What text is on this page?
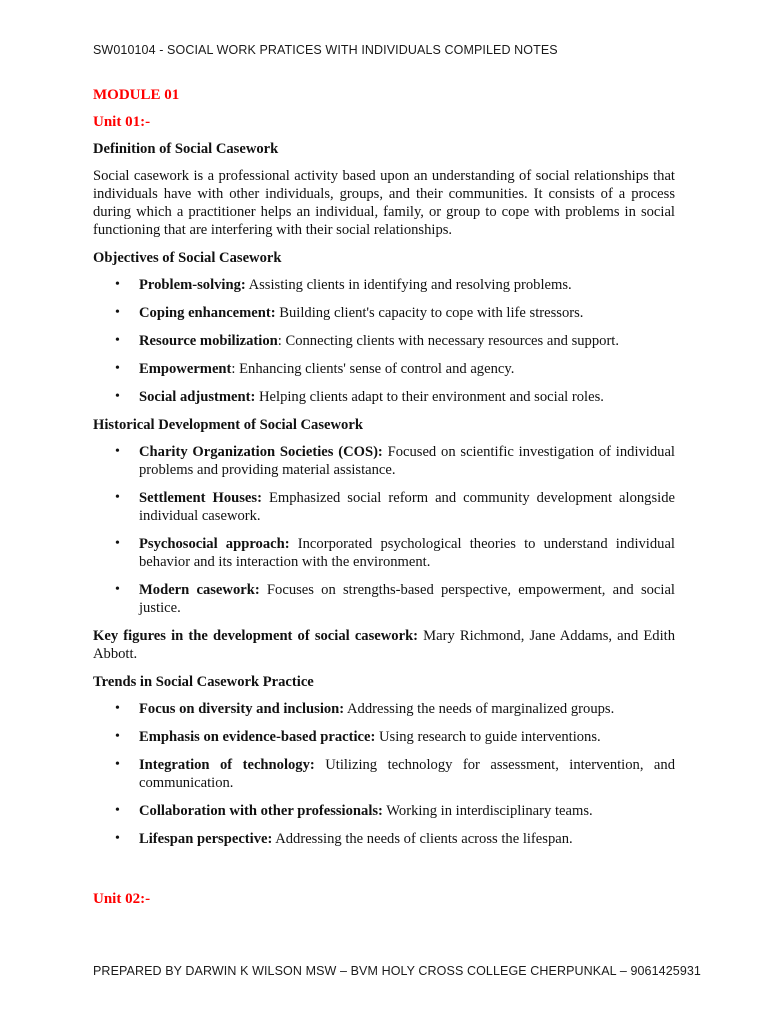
SW010104 - SOCIAL WORK PRATICES WITH INDIVIDUALS COMPILED NOTES
MODULE 01
Unit 01:-
Definition of Social Casework
Social casework is a professional activity based upon an understanding of social relationships that individuals have with other individuals, groups, and their communities. It consists of a process during which a practitioner helps an individual, family, or group to cope with problems in social functioning that are interfering with their social relationships.
Objectives of Social Casework
• Problem-solving: Assisting clients in identifying and resolving problems.
• Coping enhancement: Building client's capacity to cope with life stressors.
• Resource mobilization: Connecting clients with necessary resources and support.
• Empowerment: Enhancing clients' sense of control and agency.
• Social adjustment: Helping clients adapt to their environment and social roles.
Historical Development of Social Casework
• Charity Organization Societies (COS): Focused on scientific investigation of individual problems and providing material assistance.
• Settlement Houses: Emphasized social reform and community development alongside individual casework.
• Psychosocial approach: Incorporated psychological theories to understand individual behavior and its interaction with the environment.
• Modern casework: Focuses on strengths-based perspective, empowerment, and social justice.
Key figures in the development of social casework: Mary Richmond, Jane Addams, and Edith Abbott.
Trends in Social Casework Practice
• Focus on diversity and inclusion: Addressing the needs of marginalized groups.
• Emphasis on evidence-based practice: Using research to guide interventions.
• Integration of technology: Utilizing technology for assessment, intervention, and communication.
• Collaboration with other professionals: Working in interdisciplinary teams.
• Lifespan perspective: Addressing the needs of clients across the lifespan.
Unit 02:-
PREPARED BY DARWIN K WILSON MSW – BVM HOLY CROSS COLLEGE CHERPUNKAL – 9061425931
